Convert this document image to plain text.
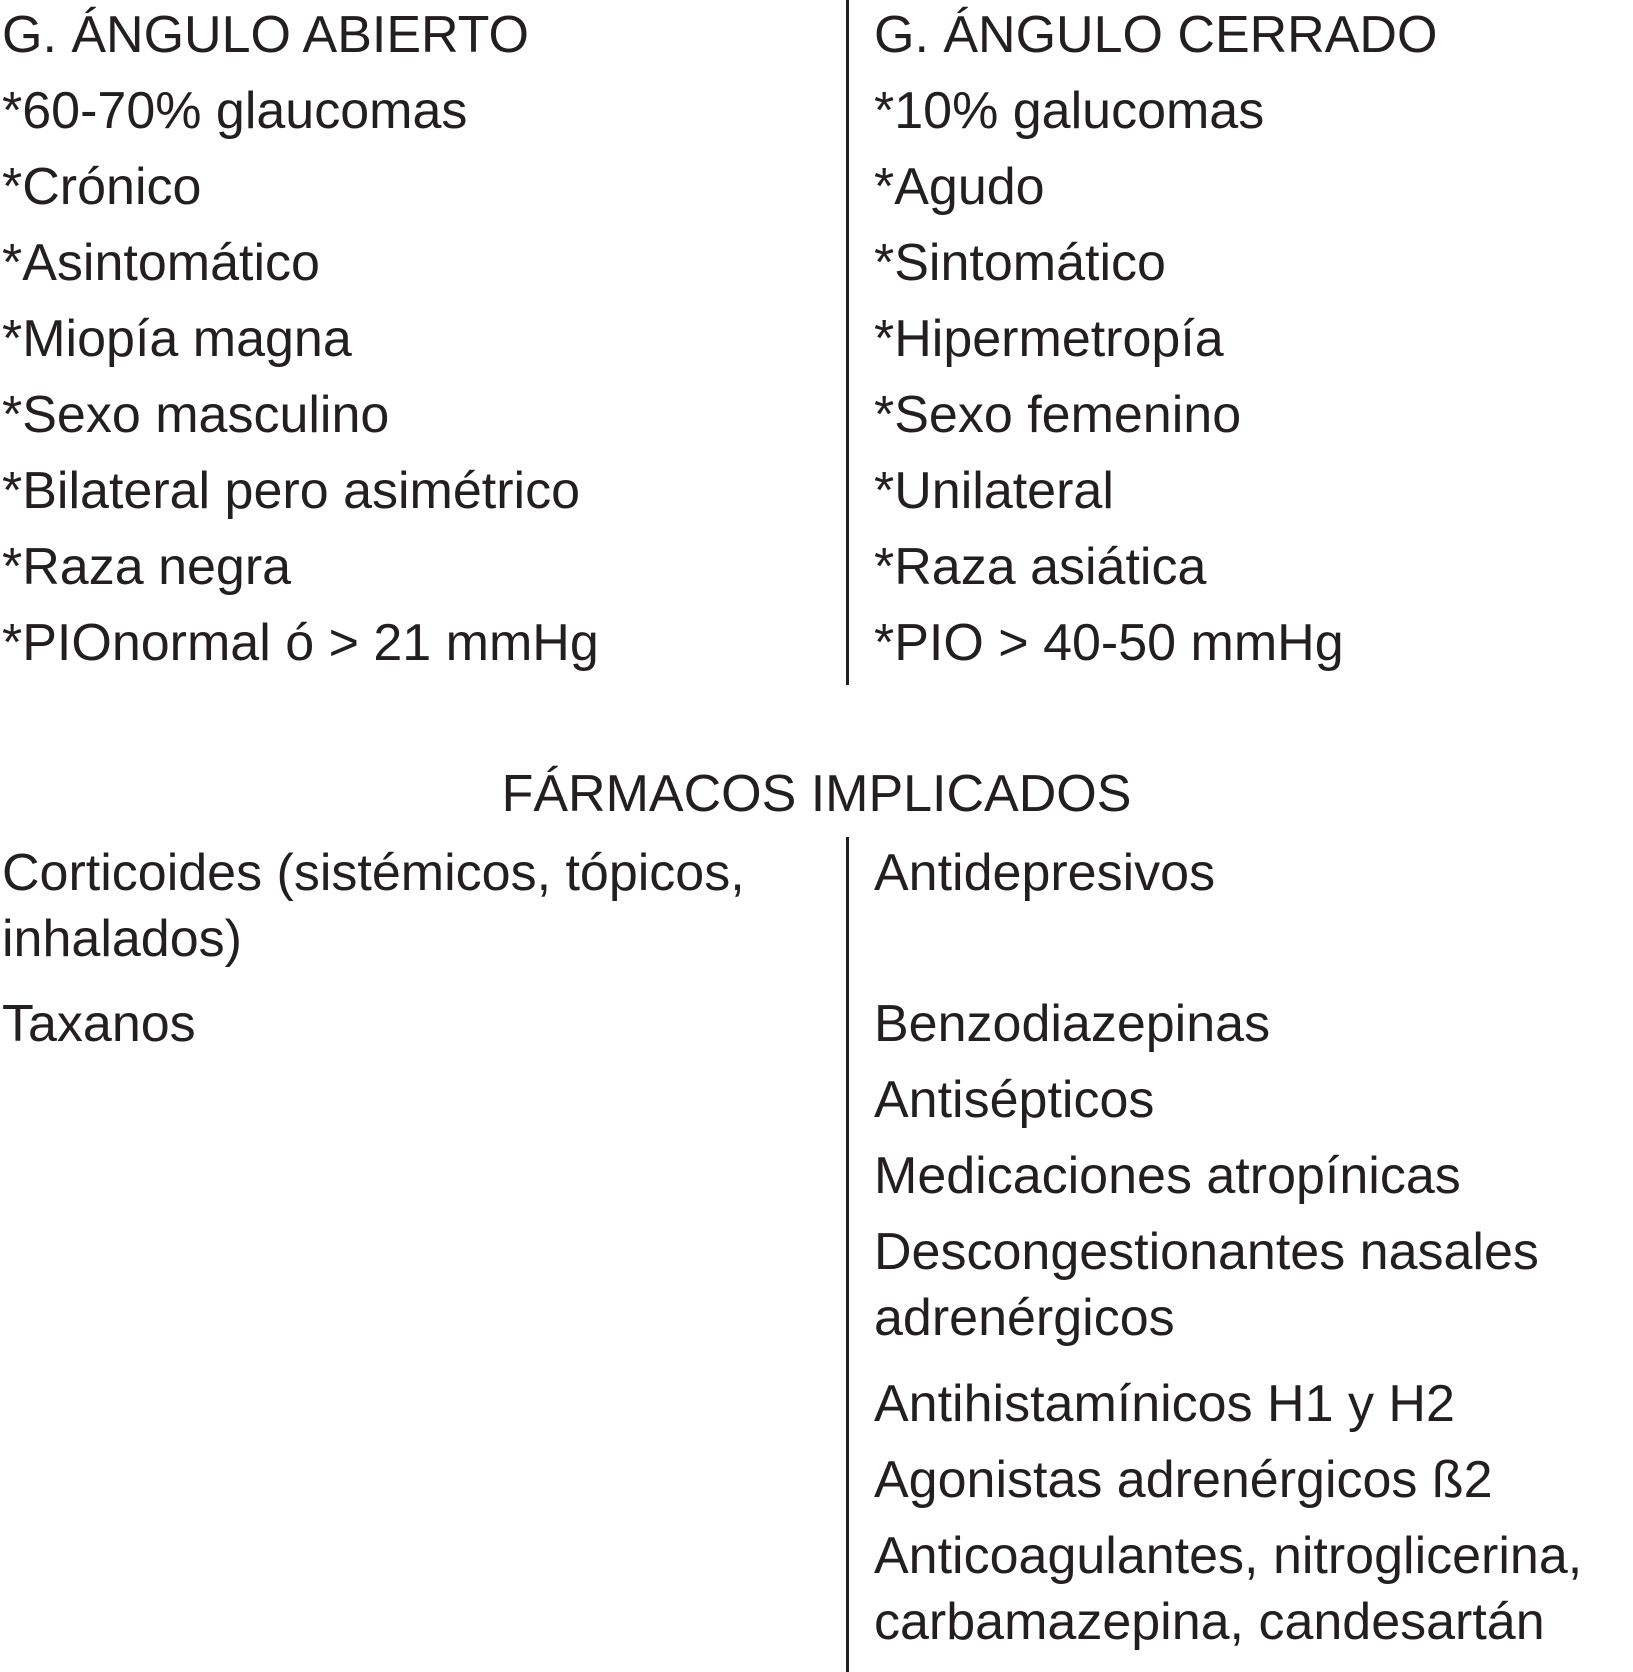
G. ÁNGULO ABIERTO

*60-70% glaucomas

*Crónico

*Asintomático

*Miopía magna

*Sexo masculino

*Bilateral pero asimétrico

*Raza negra

*PIOnormal ó > 21 mmHg

G. ÁNGULO CERRADO

*10% galucomas

*Agudo

*Sintomático

*Hipermetropía

*Sexo femenino

*Unilateral

*Raza asiática

*PIO > 40-50 mmHg

FÁRMACOS IMPLICADOS

Corticoides (sistémicos, tópicos,

inhalados)

Taxanos

Antidepresivos

Benzodiazepinas

Antisépticos

Medicaciones atropínicas

Descongestionantes nasales

adrenérgicos

Antihistamínicos H1 y H2

Agonistas adrenérgicos ß2

Anticoagulantes, nitroglicerina,

carbamazepina, candesartán
